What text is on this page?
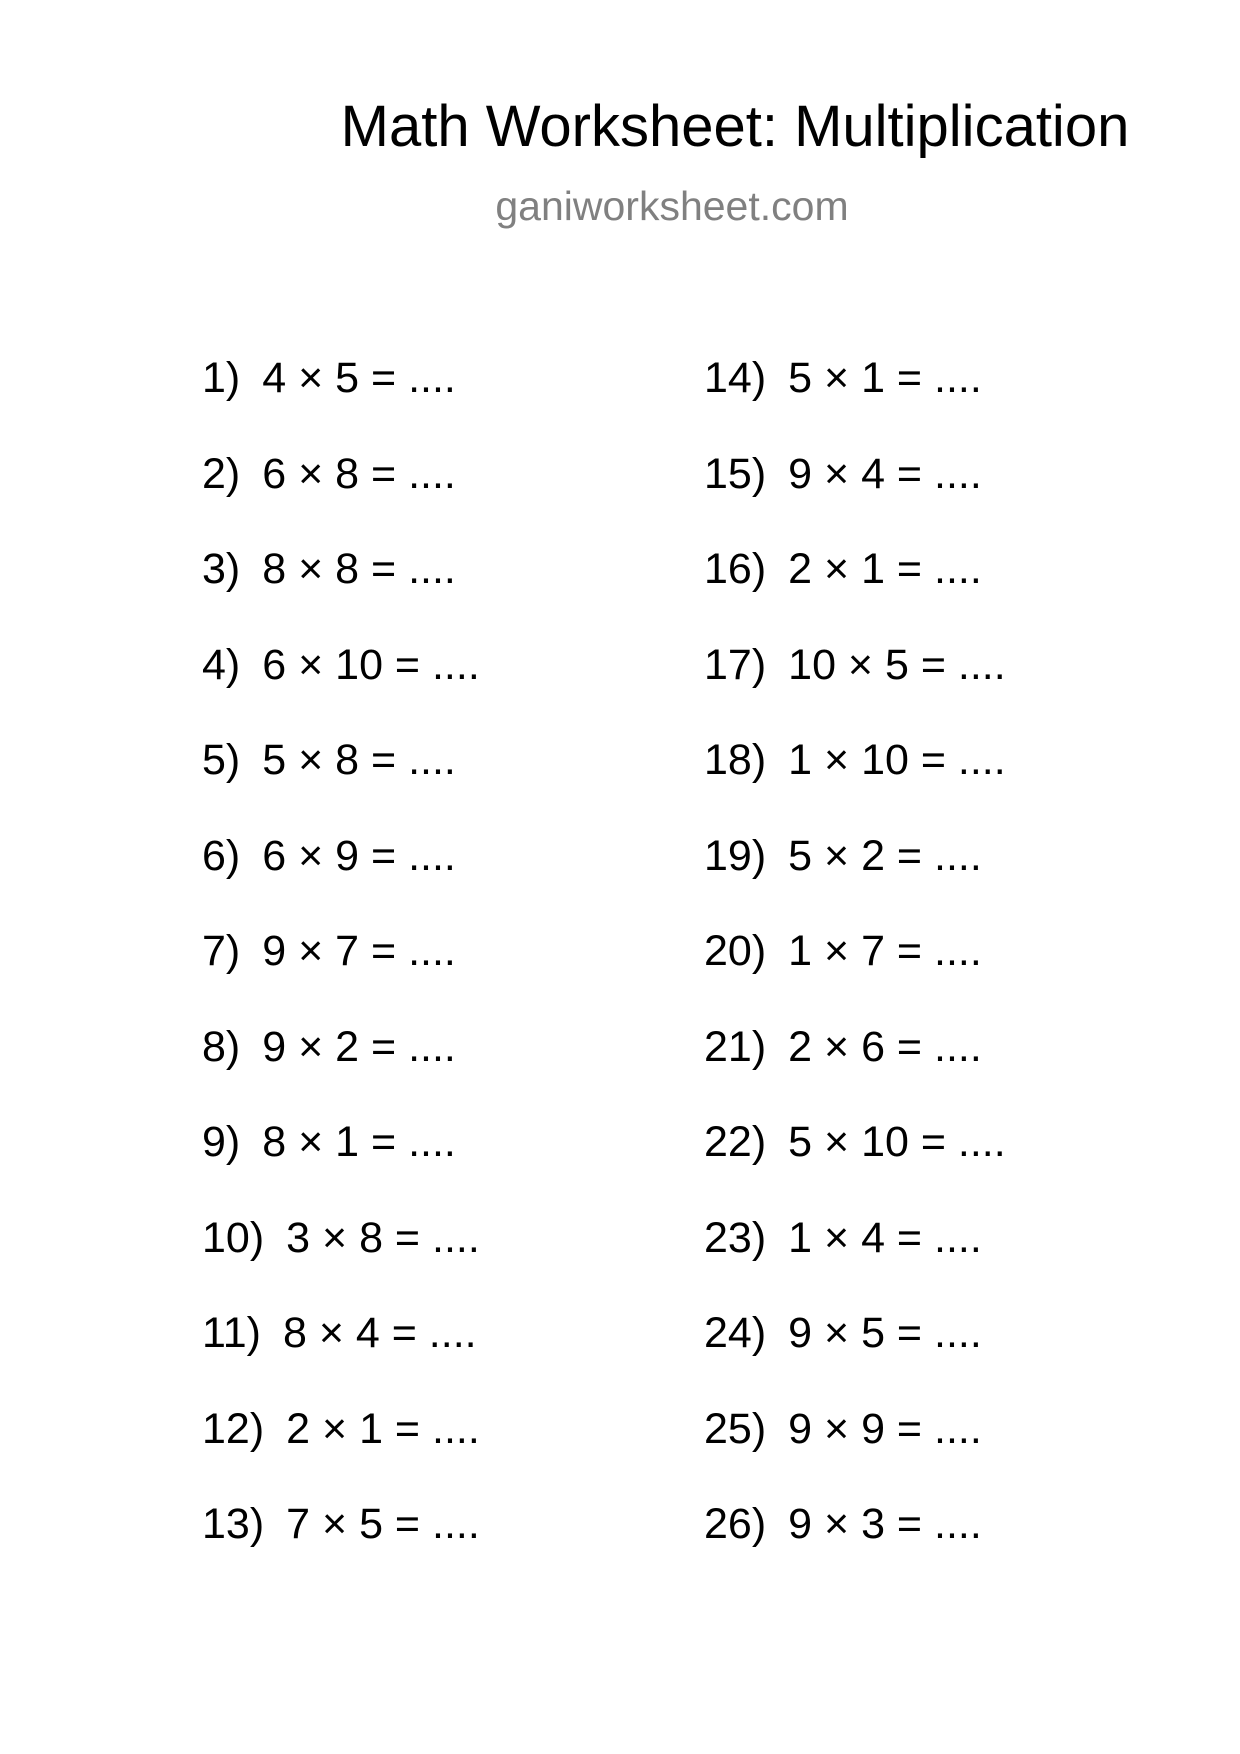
Math Worksheet: Multiplication
ganiworksheet.com
1) 4 × 5 = ....
2) 6 × 8 = ....
3) 8 × 8 = ....
4) 6 × 10 = ....
5) 5 × 8 = ....
6) 6 × 9 = ....
7) 9 × 7 = ....
8) 9 × 2 = ....
9) 8 × 1 = ....
10) 3 × 8 = ....
11) 8 × 4 = ....
12) 2 × 1 = ....
13) 7 × 5 = ....
14) 5 × 1 = ....
15) 9 × 4 = ....
16) 2 × 1 = ....
17) 10 × 5 = ....
18) 1 × 10 = ....
19) 5 × 2 = ....
20) 1 × 7 = ....
21) 2 × 6 = ....
22) 5 × 10 = ....
23) 1 × 4 = ....
24) 9 × 5 = ....
25) 9 × 9 = ....
26) 9 × 3 = ....
